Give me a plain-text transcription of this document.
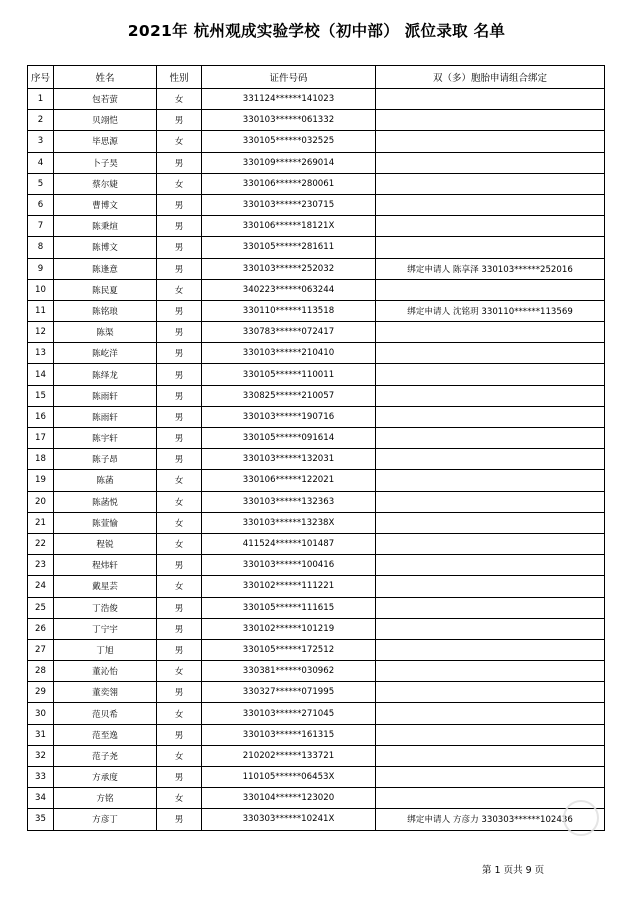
2021年 杭州观成实验学校（初中部） 派位录取 名单
序号	姓名	性别	证件号码	双（多）胞胎申请组合绑定
1	包若萤	女	331124******141023	
2	贝翊恺	男	330103******061332	
3	毕思源	女	330105******032525	
4	卜子昊	男	330109******269014	
5	蔡尔婕	女	330106******280061	
6	曹博文	男	330103******230715	
7	陈秉煊	男	330106******18121X	
8	陈博文	男	330105******281611	
9	陈逢意	男	330103******252032	绑定申请人 陈享泽 330103******252016
10	陈民夏	女	340223******063244	
11	陈铭琅	男	330110******113518	绑定申请人 沈铭玥 330110******113569
12	陈渠	男	330783******072417	
13	陈屹洋	男	330103******210410	
14	陈绎龙	男	330105******110011	
15	陈雨轩	男	330825******210057	
16	陈雨轩	男	330103******190716	
17	陈宇轩	男	330105******091614	
18	陈子昂	男	330103******132031	
19	陈菡	女	330106******122021	
20	陈菡悦	女	330103******132363	
21	陈萱愉	女	330103******13238X	
22	程锐	女	411524******101487	
23	程炜轩	男	330103******100416	
24	戴星芸	女	330102******111221	
25	丁浩俊	男	330105******111615	
26	丁宁宇	男	330102******101219	
27	丁旭	男	330105******172512	
28	董沁怡	女	330381******030962	
29	董奕翎	男	330327******071995	
30	范贝希	女	330103******271045	
31	范至逸	男	330103******161315	
32	范子尧	女	210202******133721	
33	方承度	男	110105******06453X	
34	方铭	女	330104******123020	
35	方彦丁	男	330303******10241X	绑定申请人 方彦力 330303******102436
第 1 页共 9 页
